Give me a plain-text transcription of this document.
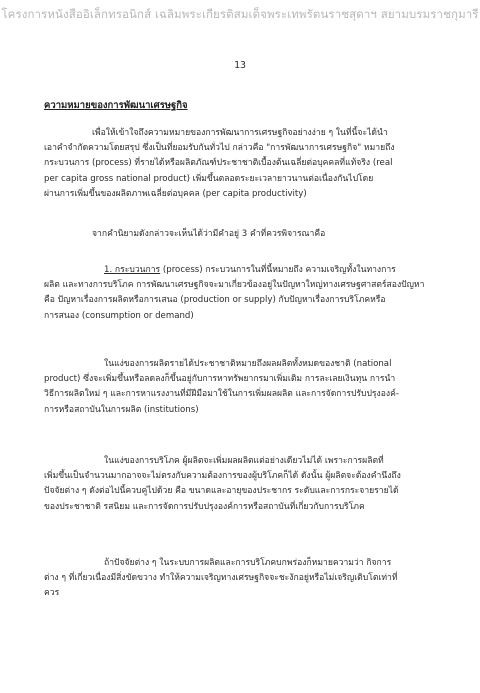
โครงการหนังสืออิเล็กทรอนิกส์ เฉลิมพระเกียรติสมเด็จพระเทพรัตนราชสุดาฯ สยามบรมราชกุมารี
13
ความหมายของการพัฒนาเศรษฐกิจ
เพื่อให้เข้าใจถึงความหมายของการพัฒนาการเศรษฐกิจอย่างง่าย ๆ ในที่นี้จะได้นำ
เอาคำจำกัดความโดยสรุป ซึ่งเป็นที่ยอมรับกันทั่วไป กล่าวคือ "การพัฒนาการเศรษฐกิจ" หมายถึง
กระบวนการ (process) ที่รายได้หรือผลิตภัณฑ์ประชาชาติเบื้องต้นเฉลี่ยต่อบุคคลที่แท้จริง (real
per capita gross national product) เพิ่มขึ้นตลอดระยะเวลายาวนานต่อเนื่องกันไปโดย
ผ่านการเพิ่มขึ้นของผลิตภาพเฉลี่ยต่อบุคคล (per capita productivity)
จากคำนิยามดังกล่าวจะเห็นได้ว่ามีคำอยู่ 3 คำที่ควรพิจารณาคือ
1. กระบวนการ (process) กระบวนการในที่นี้หมายถึง ความเจริญทั้งในทางการ
ผลิต และทางการบริโภค การพัฒนาเศรษฐกิจจะมาเกี่ยวข้องอยู่ในปัญหาใหญ่ทางเศรษฐศาสตร์สองปัญหา
คือ ปัญหาเรื่องการผลิตหรือการเสนอ (production or supply) กับปัญหาเรื่องการบริโภคหรือ
การสนอง (consumption or demand)
ในแง่ของการผลิตรายได้ประชาชาติหมายถึงผลผลิตทั้งหมดของชาติ (national
product) ซึ่งจะเพิ่มขึ้นหรือลดลงก็ขึ้นอยู่กับการหาทรัพยากรมาเพิ่มเติม การละเลยเงินทุน การนำ
วิธีการผลิตใหม่ ๆ และการหาแรงงานที่มีฝีมือมาใช้ในการเพิ่มผลผลิต และการจัดการปรับปรุงองค์-
การหรือสถาบันในการผลิต (institutions)
ในแง่ของการบริโภค ผู้ผลิตจะเพิ่มผลผลิตแต่อย่างเดียวไม่ได้ เพราะการผลิตที่
เพิ่มขึ้นเป็นจำนวนมากอาจจะไม่ตรงกับความต้องการของผู้บริโภคก็ได้ ดังนั้น ผู้ผลิตจะต้องคำนึงถึง
ปัจจัยต่าง ๆ ดังต่อไปนี้ควบคู่ไปด้วย คือ ขนาดและอายุของประชากร ระดับและการกระจายรายได้
ของประชาชาติ รสนิยม และการจัดการปรับปรุงองค์การหรือสถาบันที่เกี่ยวกับการบริโภค
ถ้าปัจจัยต่าง ๆ ในระบบการผลิตและการบริโภคบกพร่องก็หมายความว่า กิจการ
ต่าง ๆ ที่เกี่ยวเนื่องมีสิ่งขัดขวาง ทำให้ความเจริญทางเศรษฐกิจจะชะงักอยู่หรือไม่เจริญเติบโตเท่าที่
ควร
